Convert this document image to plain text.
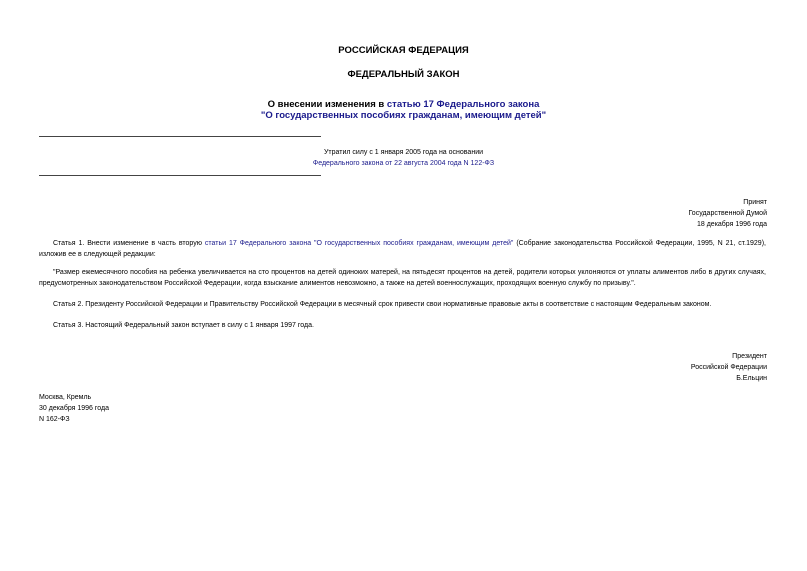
РОССИЙСКАЯ ФЕДЕРАЦИЯ
ФЕДЕРАЛЬНЫЙ ЗАКОН
О внесении изменения в статью 17 Федерального закона
"О государственных пособиях гражданам, имеющим детей"
Утратил силу с 1 января 2005 года на основании
Федерального закона от 22 августа 2004 года N 122-ФЗ
Принят
Государственной Думой
18 декабря 1996 года
Статья 1. Внести изменение в часть вторую статьи 17 Федерального закона "О государственных пособиях гражданам, имеющим детей" (Собрание законодательства Российской Федерации, 1995, N 21, ст.1929), изложив ее в следующей редакции:
"Размер ежемесячного пособия на ребенка увеличивается на сто процентов на детей одиноких матерей, на пятьдесят процентов на детей, родители которых уклоняются от уплаты алиментов либо в других случаях, предусмотренных законодательством Российской Федерации, когда взыскание алиментов невозможно, а также на детей военнослужащих, проходящих военную службу по призыву.".
Статья 2. Президенту Российской Федерации и Правительству Российской Федерации в месячный срок привести свои нормативные правовые акты в соответствие с настоящим Федеральным законом.
Статья 3. Настоящий Федеральный закон вступает в силу с 1 января 1997 года.
Президент
Российской Федерации
Б.Ельцин
Москва, Кремль
30 декабря 1996 года
N 162-ФЗ
